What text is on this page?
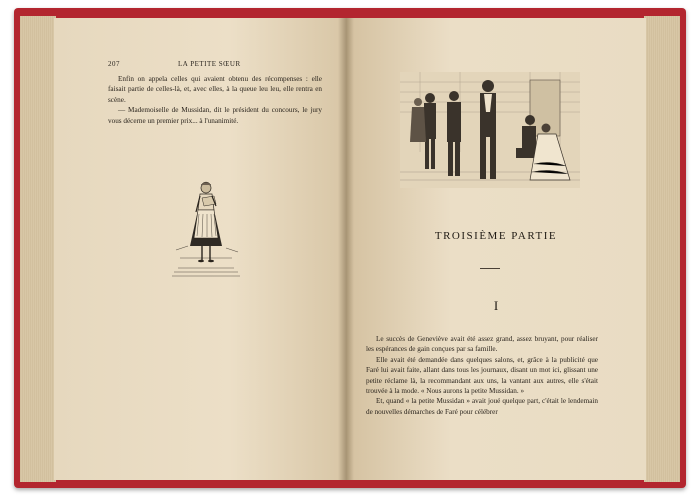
207	LA PETITE SŒUR

Enfin on appela celles qui avaient obtenu des récompenses : elle faisait partie de celles-là, et, avec elles, à la queue leu leu, elle rentra en scène.

— Mademoiselle de Mussidan, dit le président du concours, le jury vous décerne un premier prix... à l'unanimité.

TROISIÈME PARTIE
I

Le succès de Geneviève avait été assez grand, assez bruyant, pour réaliser les espérances de gain conçues par sa famille.

Elle avait été demandée dans quelques salons, et, grâce à la publicité que Faré lui avait faite, allant dans tous les journaux, disant un mot ici, glissant une petite réclame là, la recommandant aux uns, la vantant aux autres, elle s'était trouvée à la mode. « Nous aurons la petite Mussidan. »

Et, quand « la petite Mussidan » avait joué quelque part, c'était le lendemain de nouvelles démarches de Faré pour célébrer
